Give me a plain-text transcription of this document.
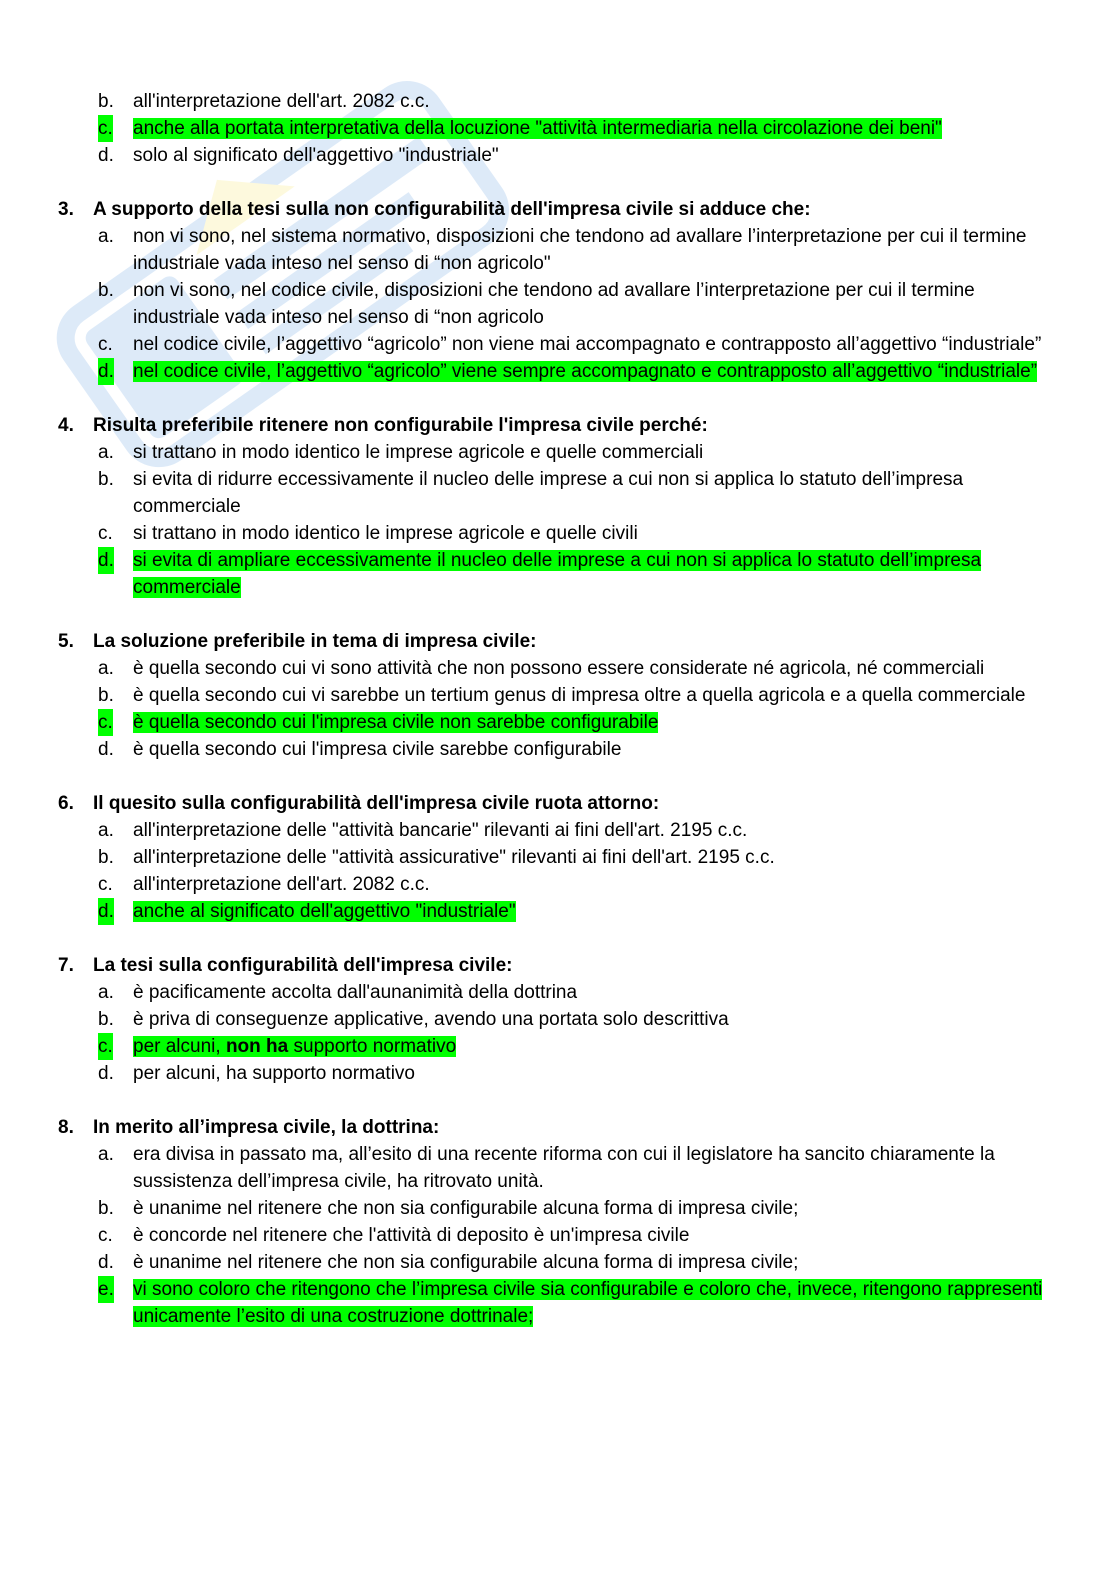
b. all'interpretazione dell'art. 2082 c.c.
c. anche alla portata interpretativa della locuzione "attività intermediaria nella circolazione dei beni"
d. solo al significato dell'aggettivo "industriale"
3. A supporto della tesi sulla non configurabilità dell'impresa civile si adduce che:
a. non vi sono, nel sistema normativo, disposizioni che tendono ad avallare l’interpretazione per cui il termine industriale vada inteso nel senso di “non agricolo"
b. non vi sono, nel codice civile, disposizioni che tendono ad avallare l’interpretazione per cui il termine industriale vada inteso nel senso di “non agricolo
c. nel codice civile, l’aggettivo “agricolo” non viene mai accompagnato e contrapposto all’aggettivo “industriale”
d. nel codice civile, l’aggettivo “agricolo” viene sempre accompagnato e contrapposto all’aggettivo “industriale”
4. Risulta preferibile ritenere non configurabile l'impresa civile perché:
a. si trattano in modo identico le imprese agricole e quelle commerciali
b. si evita di ridurre eccessivamente il nucleo delle imprese a cui non si applica lo statuto dell’impresa commerciale
c. si trattano in modo identico le imprese agricole e quelle civili
d. si evita di ampliare eccessivamente il nucleo delle imprese a cui non si applica lo statuto dell’impresa commerciale
5. La soluzione preferibile in tema di impresa civile:
a. è quella secondo cui vi sono attività che non possono essere considerate né agricola, né commerciali
b. è quella secondo cui vi sarebbe un tertium genus di impresa oltre a quella agricola e a quella commerciale
c. è quella secondo cui l'impresa civile non sarebbe configurabile
d. è quella secondo cui l'impresa civile sarebbe configurabile
6. Il quesito sulla configurabilità dell'impresa civile ruota attorno:
a. all'interpretazione delle "attività bancarie" rilevanti ai fini dell'art. 2195 c.c.
b. all'interpretazione delle "attività assicurative" rilevanti ai fini dell'art. 2195 c.c.
c. all'interpretazione dell'art. 2082 c.c.
d. anche al significato dell'aggettivo "industriale"
7. La tesi sulla configurabilità dell'impresa civile:
a. è pacificamente accolta dall'aunanimità della dottrina
b. è priva di conseguenze applicative, avendo una portata solo descrittiva
c. per alcuni, non ha supporto normativo
d. per alcuni, ha supporto normativo
8. In merito all’impresa civile, la dottrina:
a. era divisa in passato ma, all’esito di una recente riforma con cui il legislatore ha sancito chiaramente la sussistenza dell’impresa civile, ha ritrovato unità.
b. è unanime nel ritenere che non sia configurabile alcuna forma di impresa civile;
c. è concorde nel ritenere che l'attività di deposito è un'impresa civile
d. è unanime nel ritenere che non sia configurabile alcuna forma di impresa civile;
e. vi sono coloro che ritengono che l’impresa civile sia configurabile e coloro che, invece, ritengono rappresenti unicamente l’esito di una costruzione dottrinale;
